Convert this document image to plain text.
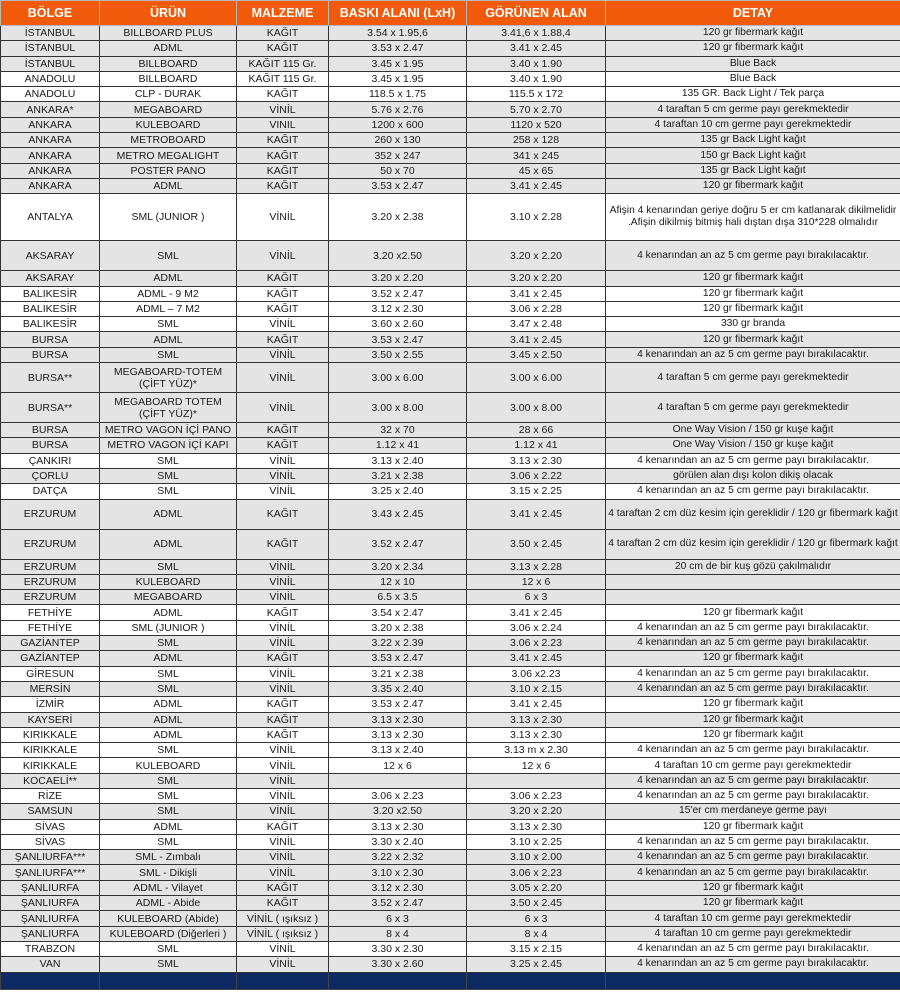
BÖLGE	ÜRÜN	MALZEME	BASKI ALANI (LxH)	GÖRÜNEN ALAN	DETAY
İSTANBUL	BILLBOARD PLUS	KAĞIT	3.54 x 1.95,6	3.41,6 x 1.88,4	120 gr fibermark kağıt
İSTANBUL	ADML	KAĞIT	3.53 x 2.47	3.41 x 2.45	120 gr fibermark kağıt
İSTANBUL	BILLBOARD	KAĞIT 115 Gr.	3.45 x 1.95	3.40 x 1.90	Blue Back
ANADOLU	BILLBOARD	KAĞIT 115 Gr.	3.45 x 1.95	3.40 x 1.90	Blue Back
ANADOLU	CLP - DURAK	KAĞIT	118.5 x 1.75	115.5 x 172	135 GR. Back Light / Tek parça
ANKARA*	MEGABOARD	VİNİL	5.76 x 2.76	5.70 x 2.70	4 taraftan 5 cm germe payı gerekmektedir
ANKARA	KULEBOARD	VINIL	1200 x 600	1120 x 520	4 taraftan 10 cm germe payı gerekmektedir
ANKARA	METROBOARD	KAĞIT	260 x 130	258 x 128	135 gr Back Light kağıt
ANKARA	METRO MEGALIGHT	KAĞIT	352 x 247	341 x 245	150 gr Back Light kağıt
ANKARA	POSTER PANO	KAĞIT	50 x 70	45 x 65	135 gr Back Light kağıt
ANKARA	ADML	KAĞIT	3.53 x 2.47	3.41 x 2.45	120 gr fibermark kağıt
ANTALYA	SML (JUNIOR )	VİNİL	3.20 x 2.38	3.10 x 2.28	Afişin 4 kenarından geriye doğru 5 er cm katlanarak dikilmelidir .Afişin dikilmiş bitmiş hali dıştan dışa 310*228 olmalıdır
AKSARAY	SML	VİNİL	3.20 x2.50	3.20 x 2.20	4 kenarından an az 5 cm germe payı bırakılacaktır.
AKSARAY	ADML	KAĞIT	3.20 x 2.20	3.20 x 2.20	120 gr fibermark kağıt
BALIKESİR	ADML - 9 M2	KAĞIT	3.52 x 2.47	3.41 x 2.45	120 gr fibermark kağıt
BALIKESİR	ADML – 7 M2	KAĞIT	3.12 x 2.30	3.06 x 2.28	120 gr fibermark kağıt
BALIKESİR	SML	VİNİL	3.60 x 2.60	3.47 x 2.48	330 gr branda
BURSA	ADML	KAĞIT	3.53 x 2.47	3.41 x 2.45	120 gr fibermark kağıt
BURSA	SML	VİNİL	3.50 x 2.55	3.45 x 2.50	4 kenarından an az 5 cm germe payı bırakılacaktır.
BURSA**	MEGABOARD-TOTEM (ÇİFT YÜZ)*	VİNİL	3.00 x 6.00	3.00 x 6.00	4 taraftan 5 cm germe payı gerekmektedir
BURSA**	MEGABOARD TOTEM (ÇİFT YÜZ)*	VİNİL	3.00 x 8.00	3.00 x 8.00	4 taraftan 5 cm germe payı gerekmektedir
BURSA	METRO VAGON İÇİ PANO	KAĞIT	32 x 70	28 x 66	One Way Vision / 150 gr kuşe kağıt
BURSA	METRO VAGON İÇİ KAPI	KAĞIT	1.12 x 41	1.12 x 41	One Way Vision / 150 gr kuşe kağıt
ÇANKIRI	SML	VİNİL	3.13 x 2.40	3.13 x 2.30	4 kenarından an az 5 cm germe payı bırakılacaktır.
ÇORLU	SML	VİNİL	3.21 x 2.38	3.06 x 2.22	görülen alan dışı kolon dikiş olacak
DATÇA	SML	VİNİL	3.25 x 2.40	3.15 x 2.25	4 kenarından an az 5 cm germe payı bırakılacaktır.
ERZURUM	ADML	KAĞIT	3.43 x 2.45	3.41 x 2.45	4 taraftan 2 cm düz kesim için gereklidir / 120 gr fibermark kağıt
ERZURUM	ADML	KAĞIT	3.52 x 2.47	3.50 x 2.45	4 taraftan 2 cm düz kesim için gereklidir / 120 gr fibermark kağıt
ERZURUM	SML	VİNİL	3.20 x 2.34	3.13 x 2.28	20 cm de bir kuş gözü çakılmalıdır
ERZURUM	KULEBOARD	VİNİL	12 x 10	12 x 6	
ERZURUM	MEGABOARD	VİNİL	6.5 x 3.5	6 x 3	
FETHİYE	ADML	KAĞIT	3.54 x 2.47	3.41 x 2.45	120 gr fibermark kağıt
FETHİYE	SML (JUNIOR )	VİNİL	3.20 x 2.38	3.06 x 2.24	4 kenarından an az 5 cm germe payı bırakılacaktır.
GAZİANTEP	SML	VİNİL	3.22 x 2.39	3.06 x 2.23	4 kenarından an az 5 cm germe payı bırakılacaktır.
GAZİANTEP	ADML	KAĞIT	3.53 x 2.47	3.41 x 2.45	120 gr fibermark kağıt
GİRESUN	SML	VİNİL	3.21 x 2.38	3.06 x2.23	4 kenarından an az 5 cm germe payı bırakılacaktır.
MERSİN	SML	VİNİL	3.35 x 2.40	3.10 x 2.15	4 kenarından an az 5 cm germe payı bırakılacaktır.
İZMİR	ADML	KAĞIT	3.53 x 2.47	3.41 x 2.45	120 gr fibermark kağıt
KAYSERİ	ADML	KAĞIT	3.13 x 2.30	3.13 x 2.30	120 gr fibermark kağıt
KIRIKKALE	ADML	KAĞIT	3.13 x 2.30	3.13 x 2.30	120 gr fibermark kağıt
KIRIKKALE	SML	VİNİL	3.13 x 2.40	3.13 m x 2.30	4 kenarından an az 5 cm germe payı bırakılacaktır.
KIRIKKALE	KULEBOARD	VİNİL	12 x 6	12 x 6	4 taraftan 10 cm germe payı gerekmektedir
KOCAELİ**	SML	VİNİL			4 kenarından an az 5 cm germe payı bırakılacaktır.
RİZE	SML	VİNİL	3.06 x 2.23	3.06 x 2.23	4 kenarından an az 5 cm germe payı bırakılacaktır.
SAMSUN	SML	VİNİL	3.20 x2.50	3.20 x 2.20	15'er cm merdaneye germe payı
SİVAS	ADML	KAĞIT	3.13 x 2.30	3.13 x 2.30	120 gr fibermark kağıt
SİVAS	SML	VİNİL	3.30 x 2.40	3.10 x 2.25	4 kenarından an az 5 cm germe payı bırakılacaktır.
ŞANLIURFA***	SML - Zımbalı	VİNİL	3.22 x 2.32	3.10 x 2.00	4 kenarından an az 5 cm germe payı bırakılacaktır.
ŞANLIURFA***	SML - Dikişli	VİNİL	3.10 x 2.30	3.06 x 2.23	4 kenarından an az 5 cm germe payı bırakılacaktır.
ŞANLIURFA	ADML - Vilayet	KAĞIT	3.12 x 2.30	3.05 x 2.20	120 gr fibermark kağıt
ŞANLIURFA	ADML - Abide	KAĞIT	3.52 x 2.47	3.50 x 2.45	120 gr fibermark kağıt
ŞANLIURFA	KULEBOARD (Abide)	VİNİL ( ışıksız )	6 x 3	6 x 3	4 taraftan 10 cm germe payı gerekmektedir
ŞANLIURFA	KULEBOARD (Diğerleri )	VİNİL ( ışıksız )	8 x 4	8 x 4	4 taraftan 10 cm germe payı gerekmektedir
TRABZON	SML	VİNİL	3.30 x 2.30	3.15 x 2.15	4 kenarından an az 5 cm germe payı bırakılacaktır.
VAN	SML	VİNİL	3.30 x 2.60	3.25 x 2.45	4 kenarından an az 5 cm germe payı bırakılacaktır.
